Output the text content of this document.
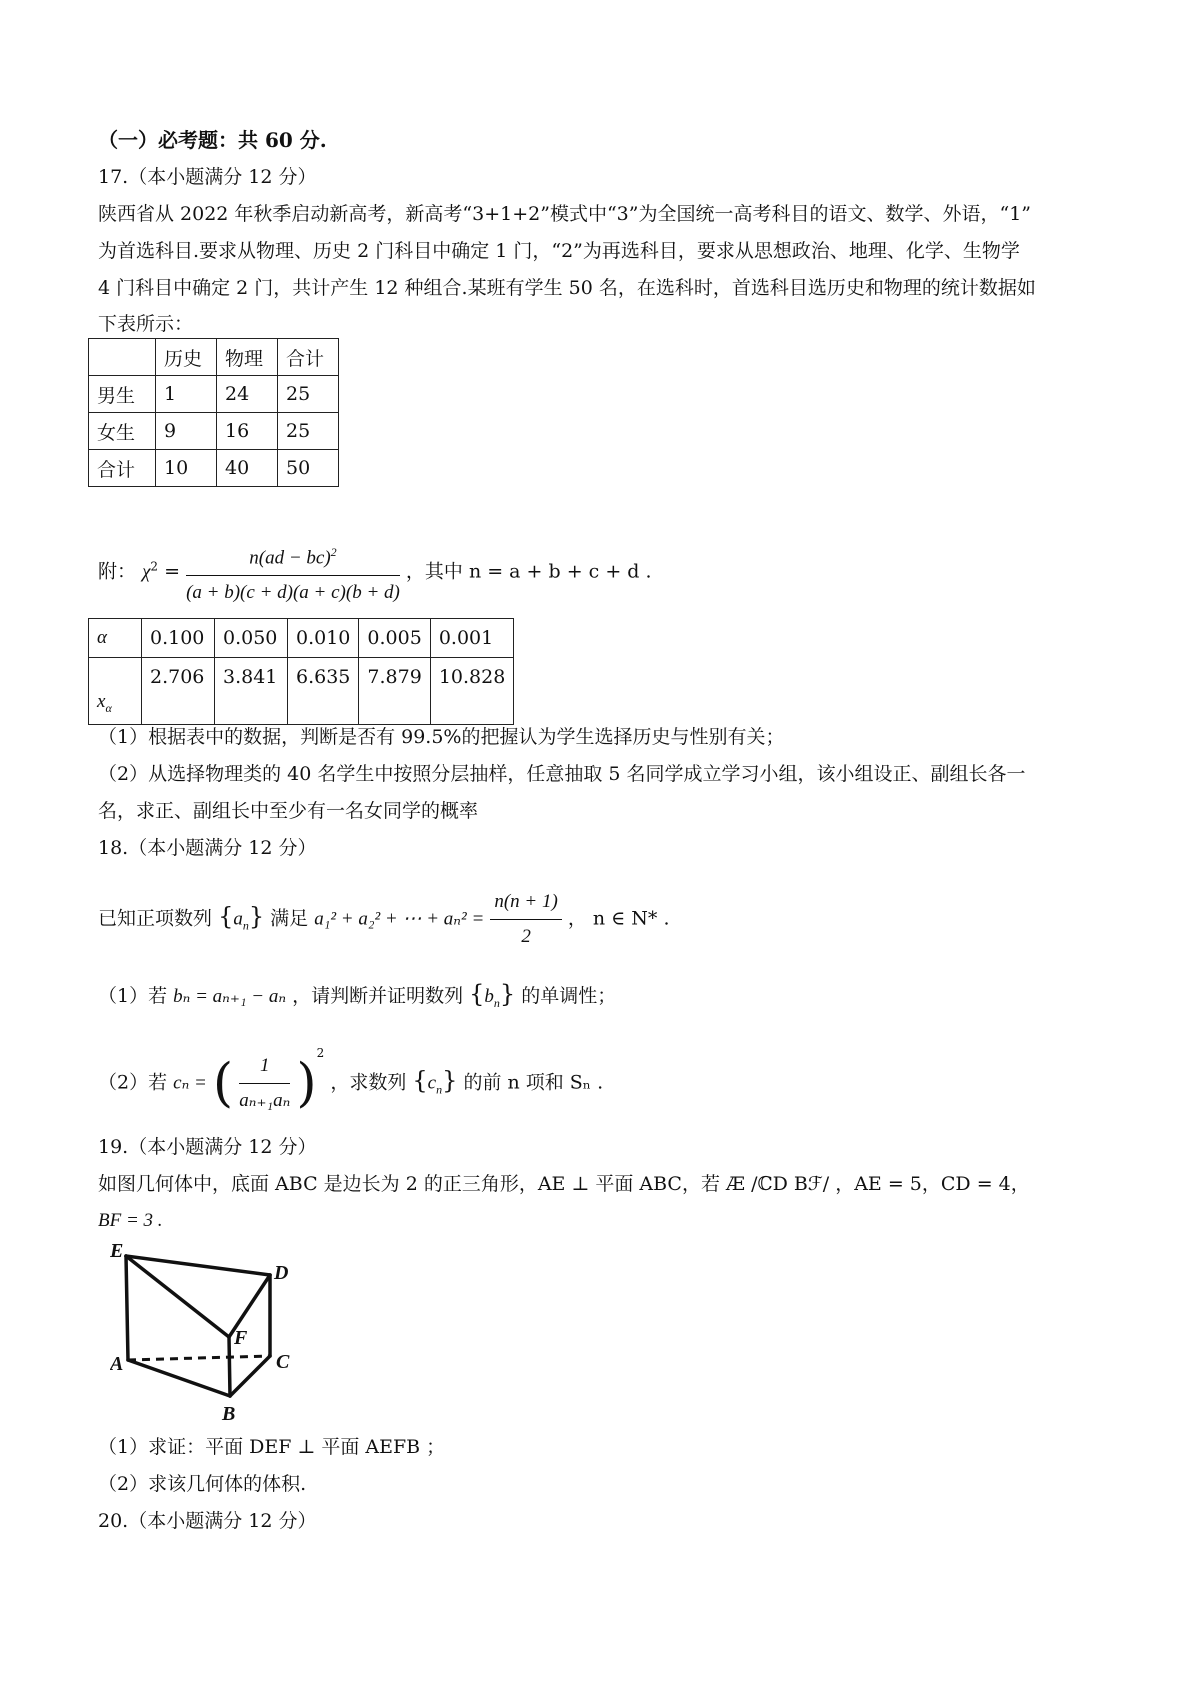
（一）必考题：共 60 分.
17.（本小题满分 12 分）
陕西省从 2022 年秋季启动新高考，新高考“3+1+2”模式中“3”为全国统一高考科目的语文、数学、外语，“1”
为首选科目.要求从物理、历史 2 门科目中确定 1 门，“2”为再选科目，要求从思想政治、地理、化学、生物学
4 门科目中确定 2 门，共计产生 12 种组合.某班有学生 50 名，在选科时，首选科目选历史和物理的统计数据如
下表所示：
	历史	物理	合计
男生	1	24	25
女生	9	16	25
合计	10	40	50
附： $\chi^2 = \frac{n(ad - bc)^2}{(a + b)(c + d)(a + c)(b + d)}$ ，其中 n = a + b + c + d .
α	0.100	0.050	0.010	0.005	0.001
$x_\alpha$	2.706	3.841	6.635	7.879	10.828
（1）根据表中的数据，判断是否有 99.5%的把握认为学生选择历史与性别有关；
（2）从选择物理类的 40 名学生中按照分层抽样，任意抽取 5 名同学成立学习小组，该小组设正、副组长各一
名，求正、副组长中至少有一名女同学的概率
18.（本小题满分 12 分）
已知正项数列 $\{a_n\}$ 满足 a₁² + a₂² + ⋯ + $a_n^2 = \frac{n(n + 1)}{2}$ ， n ∈ N* .
（1）若 bₙ = aₙ₊₁ − aₙ ，请判断并证明数列 $\{b_n\}$ 的单调性；
（2）若 cₙ = ( $\frac{1}{\text{aₙ₊₁aₙ}} )^2$ ，求数列 $\{c_n\}$ 的前 n 项和 Sₙ .
19.（本小题满分 12 分）
如图几何体中，底面 ABC 是边长为 2 的正三角形，AE ⊥ 平面 ABC，若 Æ /ℂD Bℱ/ ，AE = 5，CD = 4，
BF = 3 .
E
D
F
A	C
B
（1）求证：平面 DEF ⊥ 平面 AEFB ；
（2）求该几何体的体积.
20.（本小题满分 12 分）
